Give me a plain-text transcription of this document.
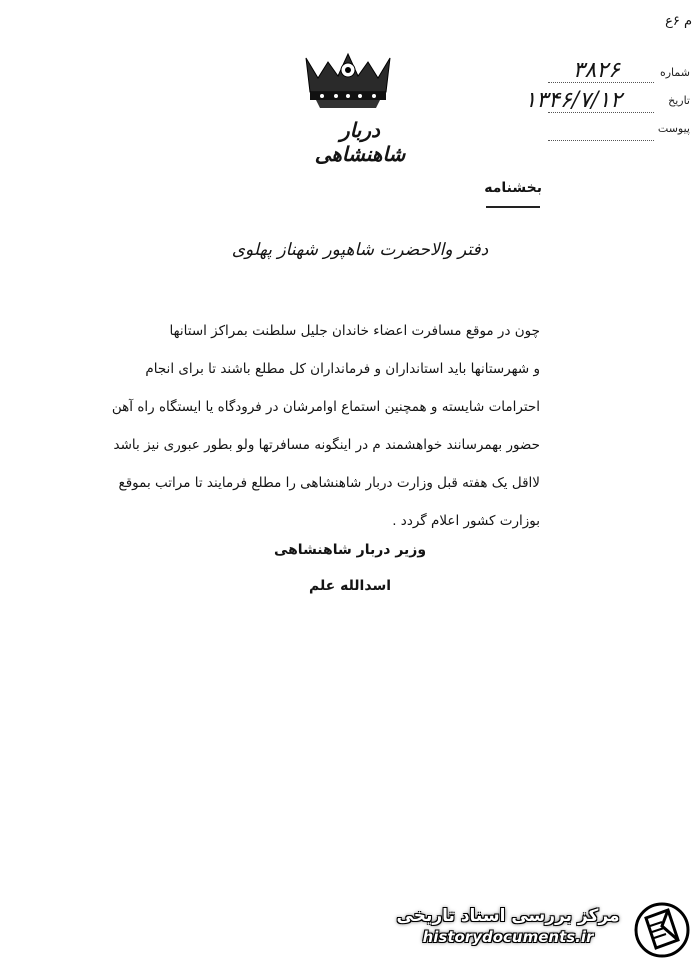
دربار شاهنشاهی
م ۶ع
شماره
۳۸۲۶
تاریخ
۱۳۴۶/۷/۱۲
پیوست
بخشنامه
دفتر والاحضرت شاهپور شهناز پهلوی
چون در موقع مسافرت اعضاء خاندان جلیل سلطنت بمراکز استانها
و شهرستانها باید استانداران و فرمانداران کل مطلع باشند تا برای انجام
احترامات شایسته و همچنین استماع اوامرشان در فرودگاه یا ایستگاه راه آهن
حضور بهمرسانند خواهشمند م در اینگونه مسافرتها ولو بطور عبوری نیز باشد
لااقل یک هفته قبل وزارت دربار شاهنشاهی را مطلع فرمایند تا مراتب بموقع
بوزارت کشور اعلام گردد .
وزیر دربار شاهنشاهی
اسدالله علم
مرکز بررسی اسناد تاریخی
historydocuments.ir
